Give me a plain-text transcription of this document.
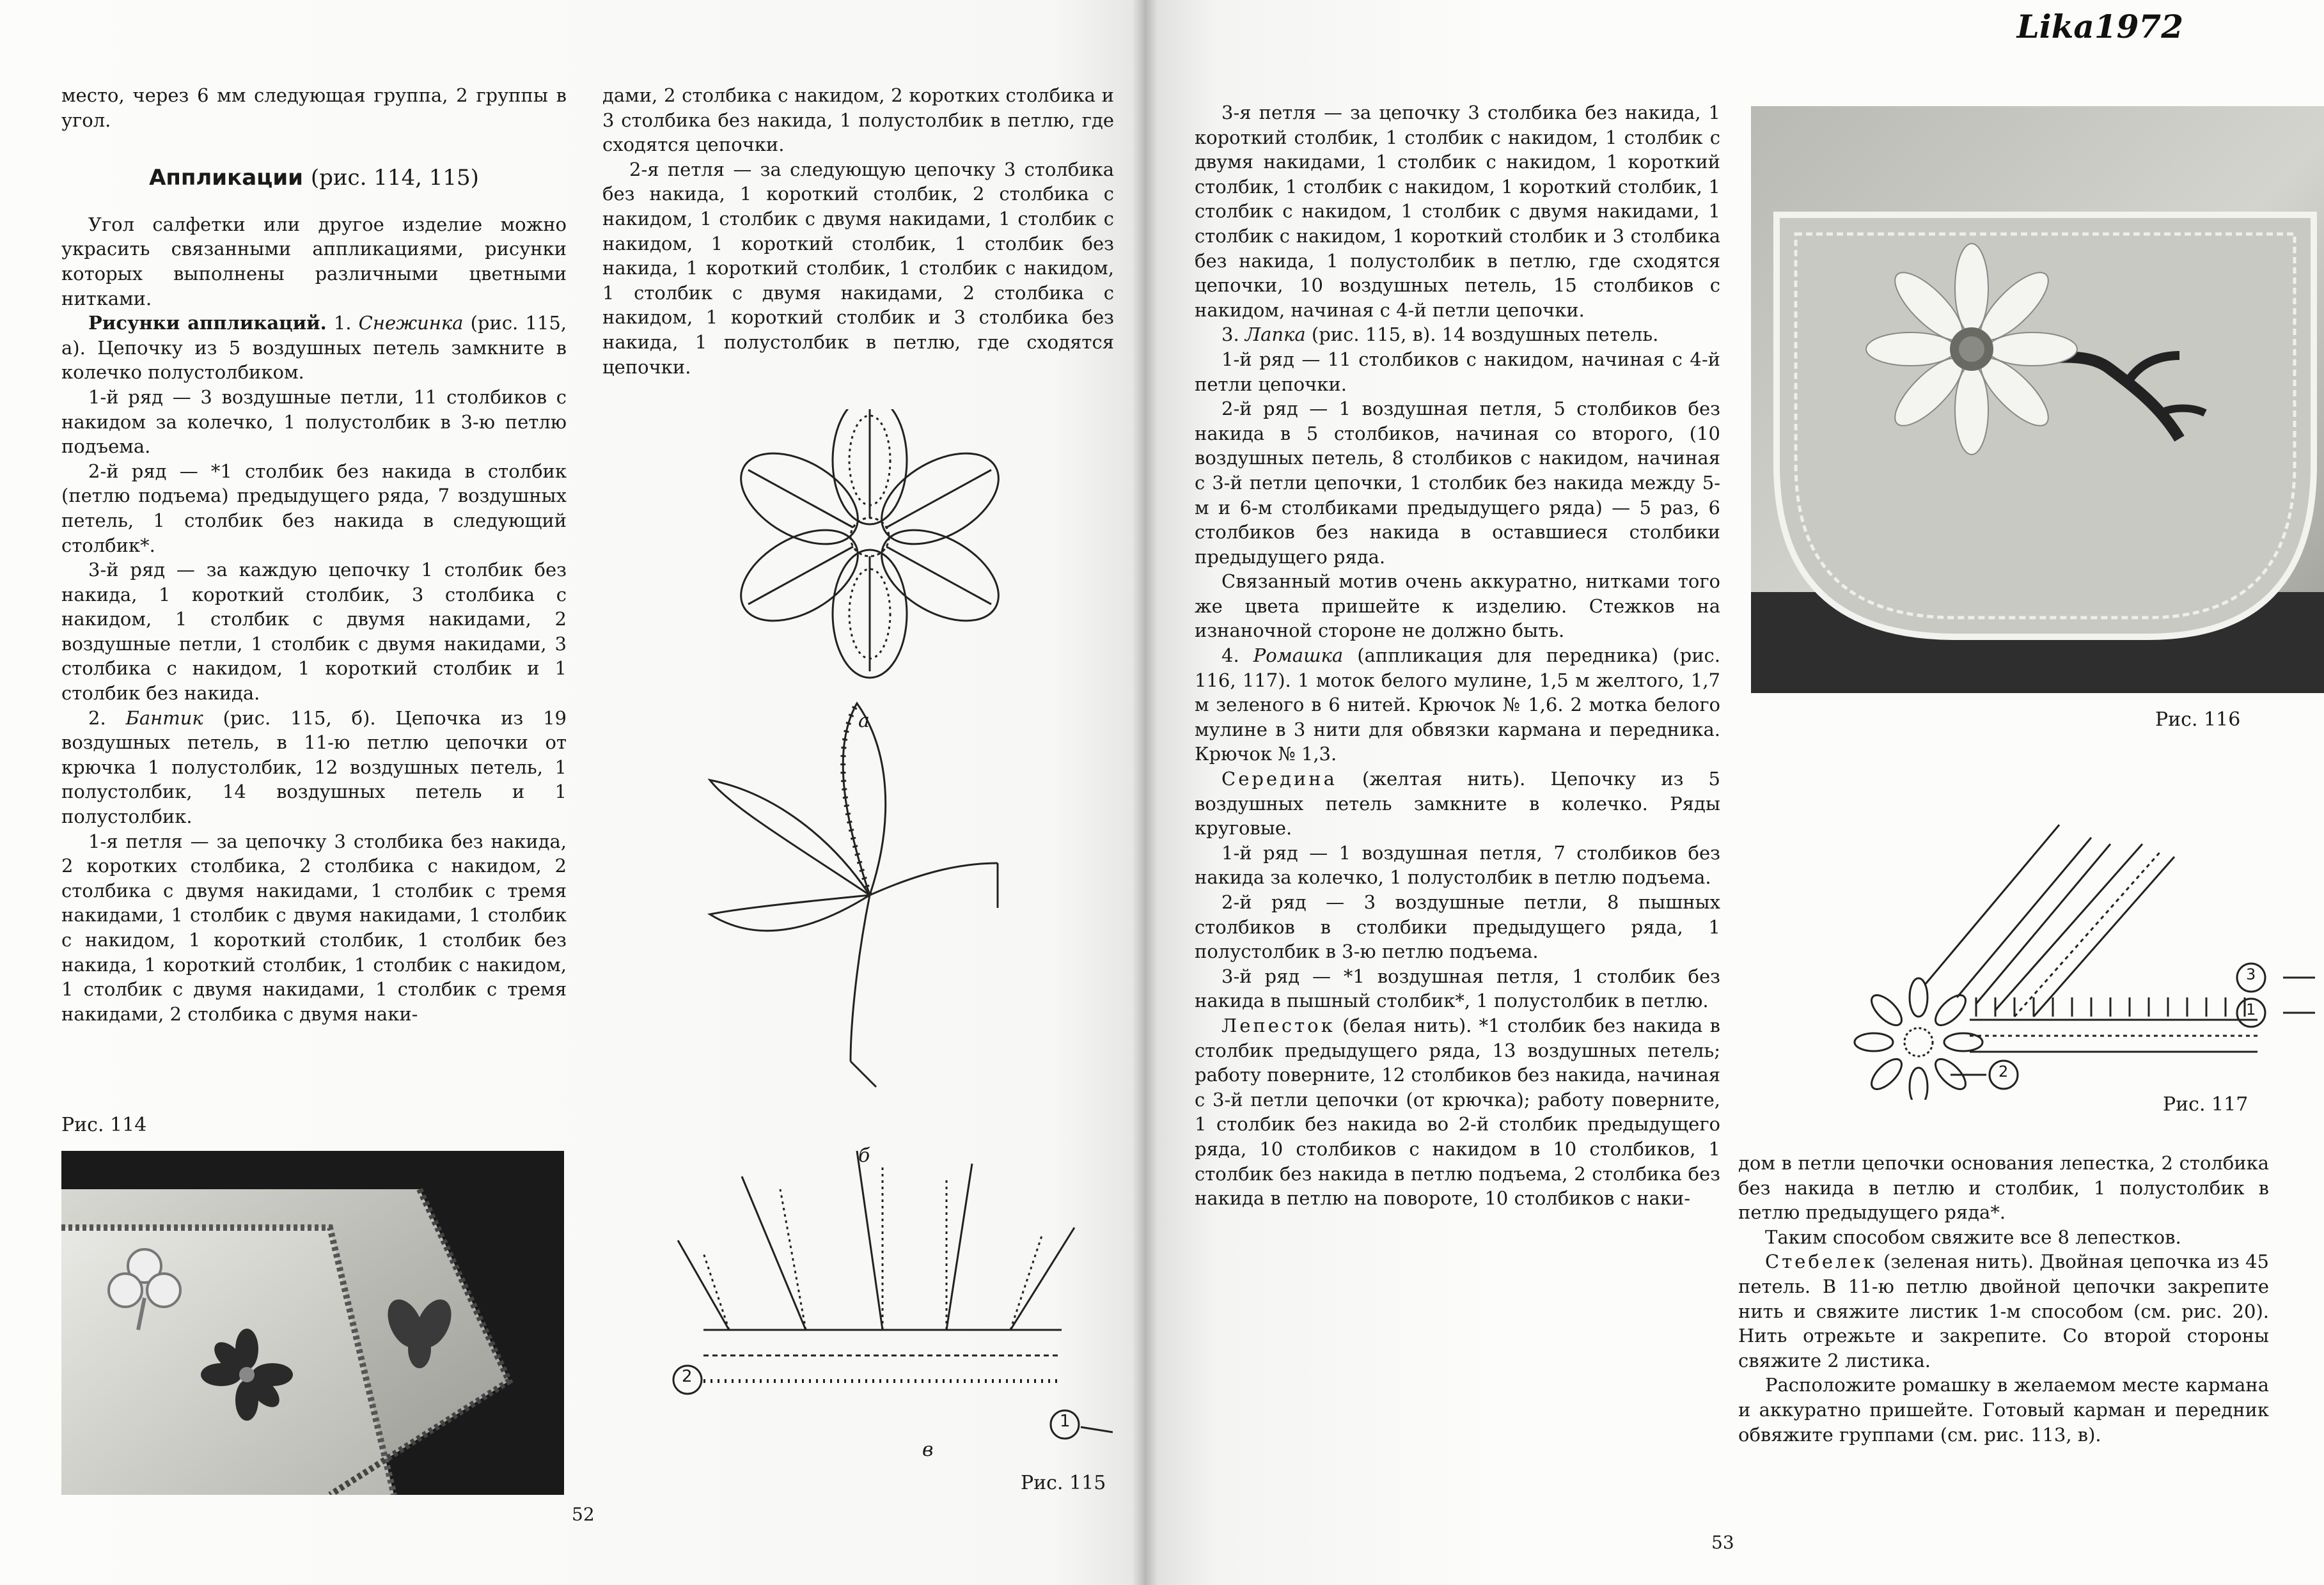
Lika1972

место, через 6 мм следующая группа, 2 группы в угол.

Аппликации (рис. 114, 115)

Угол салфетки или другое изделие можно украсить связанными аппликациями, рисунки которых выполнены различными цветными нитками.

Рисунки аппликаций. 1. Снежинка (рис. 115, а). Цепочку из 5 воздушных петель замкните в колечко полустолбиком.

1-й ряд — 3 воздушные петли, 11 столбиков с накидом за колечко, 1 полустолбик в 3-ю петлю подъема.

2-й ряд — *1 столбик без накида в столбик (петлю подъема) предыдущего ряда, 7 воздушных петель, 1 столбик без накида в следующий столбик*.

3-й ряд — за каждую цепочку 1 столбик без накида, 1 короткий столбик, 3 столбика с накидом, 1 столбик с двумя накидами, 2 воздушные петли, 1 столбик с двумя накидами, 3 столбика с накидом, 1 короткий столбик и 1 столбик без накида.

2. Бантик (рис. 115, б). Цепочка из 19 воздушных петель, в 11-ю петлю цепочки от крючка 1 полустолбик, 12 воздушных петель, 1 полустолбик, 14 воздушных петель и 1 полустолбик.

1-я петля — за цепочку 3 столбика без накида, 2 коротких столбика, 2 столбика с накидом, 2 столбика с двумя накидами, 1 столбик с тремя накидами, 1 столбик с двумя накидами, 1 столбик с накидом, 1 короткий столбик, 1 столбик без накида, 1 короткий столбик, 1 столбик с накидом, 1 столбик с двумя накидами, 1 столбик с тремя накидами, 2 столбика с двумя наки-

Рис. 114

дами, 2 столбика с накидом, 2 коротких столбика и 3 столбика без накида, 1 полустолбик в петлю, где сходятся цепочки.

2-я петля — за следующую цепочку 3 столбика без накида, 1 короткий столбик, 2 столбика с накидом, 1 столбик с двумя накидами, 1 столбик с накидом, 1 короткий столбик, 1 столбик без накида, 1 короткий столбик, 1 столбик с накидом, 1 столбик с двумя накидами, 2 столбика с накидом, 1 короткий столбик и 3 столбика без накида, 1 полустолбик в петлю, где сходятся цепочки.

а
б
в
2
1
Рис. 115
52

3-я петля — за цепочку 3 столбика без накида, 1 короткий столбик, 1 столбик с накидом, 1 столбик с двумя накидами, 1 столбик с накидом, 1 короткий столбик, 1 столбик с накидом, 1 короткий столбик, 1 столбик с накидом, 1 столбик с двумя накидами, 1 столбик с накидом, 1 короткий столбик и 3 столбика без накида, 1 полустолбик в петлю, где сходятся цепочки, 10 воздушных петель, 15 столбиков с накидом, начиная с 4-й петли цепочки.

3. Лапка (рис. 115, в). 14 воздушных петель.

1-й ряд — 11 столбиков с накидом, начиная с 4-й петли цепочки.

2-й ряд — 1 воздушная петля, 5 столбиков без накида в 5 столбиков, начиная со второго, (10 воздушных петель, 8 столбиков с накидом, начиная с 3-й петли цепочки, 1 столбик без накида между 5-м и 6-м столбиками предыдущего ряда) — 5 раз, 6 столбиков без накида в оставшиеся столбики предыдущего ряда.

Связанный мотив очень аккуратно, нитками того же цвета пришейте к изделию. Стежков на изнаночной стороне не должно быть.

4. Ромашка (аппликация для передника) (рис. 116, 117). 1 моток белого мулине, 1,5 м желтого, 1,7 м зеленого в 6 нитей. Крючок № 1,6. 2 мотка белого мулине в 3 нити для обвязки кармана и передника. Крючок № 1,3.

Середина (желтая нить). Цепочку из 5 воздушных петель замкните в колечко. Ряды круговые.

1-й ряд — 1 воздушная петля, 7 столбиков без накида за колечко, 1 полустолбик в петлю подъема.

2-й ряд — 3 воздушные петли, 8 пышных столбиков в столбики предыдущего ряда, 1 полустолбик в 3-ю петлю подъема.

3-й ряд — *1 воздушная петля, 1 столбик без накида в пышный столбик*, 1 полустолбик в петлю.

Лепесток (белая нить). *1 столбик без накида в столбик предыдущего ряда, 13 воздушных петель; работу поверните, 12 столбиков без накида, начиная с 3-й петли цепочки (от крючка); работу поверните, 1 столбик без накида во 2-й столбик предыдущего ряда, 10 столбиков с накидом в 10 столбиков, 1 столбик без накида в петлю подъема, 2 столбика без накида в петлю на повороте, 10 столбиков с наки-

Рис. 116
3
1
2
Рис. 117

дом в петли цепочки основания лепестка, 2 столбика без накида в петлю и столбик, 1 полустолбик в петлю предыдущего ряда*.

Таким способом свяжите все 8 лепестков.

Стебелек (зеленая нить). Двойная цепочка из 45 петель. В 11-ю петлю двойной цепочки закрепите нить и свяжите листик 1-м способом (см. рис. 20). Нить отрежьте и закрепите. Со второй стороны свяжите 2 листика.

Расположите ромашку в желаемом месте кармана и аккуратно пришейте. Готовый карман и передник обвяжите группами (см. рис. 113, в).

53
